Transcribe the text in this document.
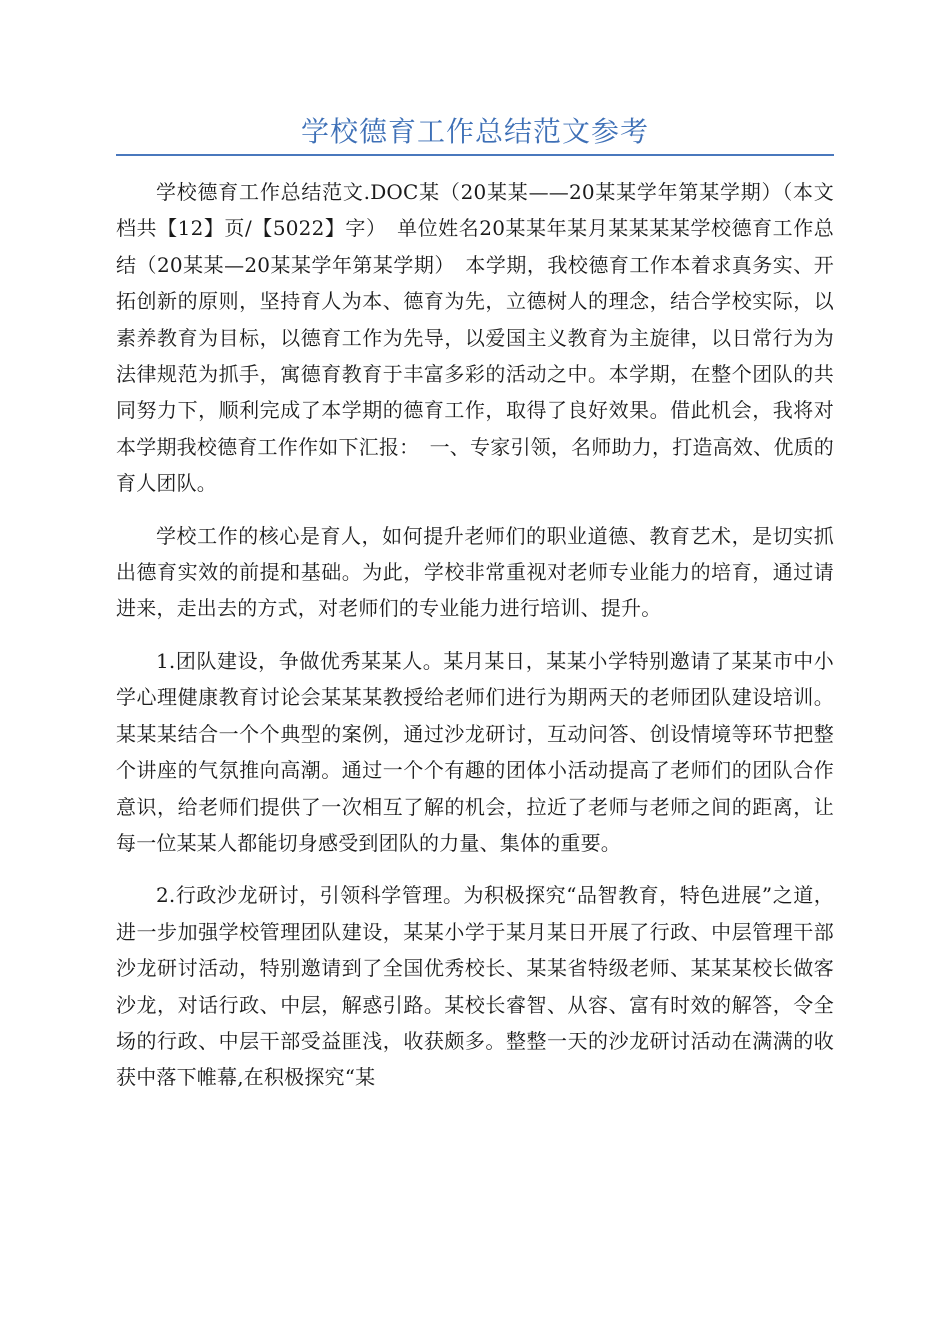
学校德育工作总结范文参考

学校德育工作总结范文.DOC某（20某某——20某某学年第某学期）（本文档共【12】页/【5022】字）　单位姓名20某某年某月某某某某学校德育工作总结（20某某—20某某学年第某学期）　本学期，我校德育工作本着求真务实、开拓创新的原则，坚持育人为本、德育为先，立德树人的理念，结合学校实际，以素养教育为目标，以德育工作为先导，以爱国主义教育为主旋律，以日常行为为法律规范为抓手，寓德育教育于丰富多彩的活动之中。本学期，在整个团队的共同努力下，顺利完成了本学期的德育工作，取得了良好效果。借此机会，我将对本学期我校德育工作作如下汇报：　一、专家引领，名师助力，打造高效、优质的育人团队。

学校工作的核心是育人，如何提升老师们的职业道德、教育艺术，是切实抓出德育实效的前提和基础。为此，学校非常重视对老师专业能力的培育，通过请进来，走出去的方式，对老师们的专业能力进行培训、提升。

1.团队建设，争做优秀某某人。某月某日，某某小学特别邀请了某某市中小学心理健康教育讨论会某某某教授给老师们进行为期两天的老师团队建设培训。某某某结合一个个典型的案例，通过沙龙研讨，互动问答、创设情境等环节把整个讲座的气氛推向高潮。通过一个个有趣的团体小活动提高了老师们的团队合作意识，给老师们提供了一次相互了解的机会，拉近了老师与老师之间的距离，让每一位某某人都能切身感受到团队的力量、集体的重要。

2.行政沙龙研讨，引领科学管理。为积极探究“品智教育，特色进展”之道，进一步加强学校管理团队建设，某某小学于某月某日开展了行政、中层管理干部沙龙研讨活动，特别邀请到了全国优秀校长、某某省特级老师、某某某校长做客沙龙，对话行政、中层，解惑引路。某校长睿智、从容、富有时效的解答，令全场的行政、中层干部受益匪浅，收获颇多。整整一天的沙龙研讨活动在满满的收获中落下帷幕,在积极探究“某
